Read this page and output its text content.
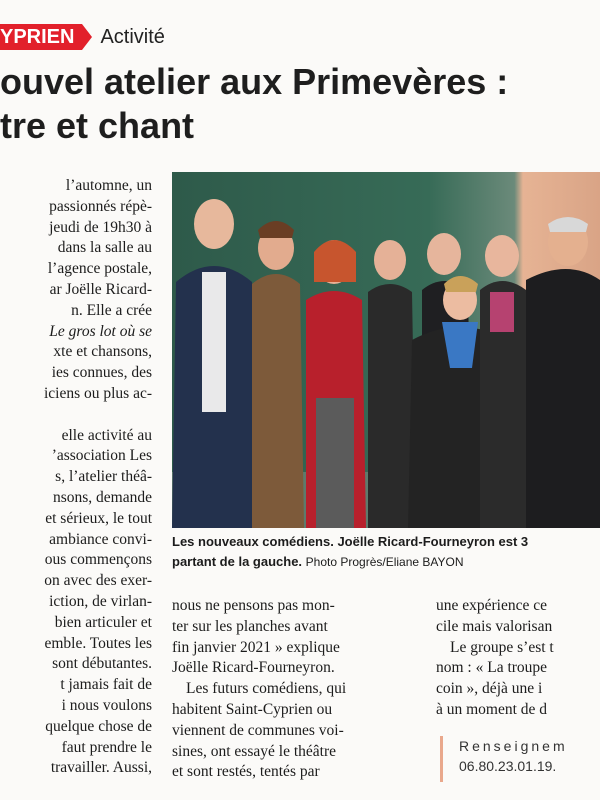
YPRIEN	Activité
ouvel atelier aux Primevères :
tre et chant
l’automne, un
passionnés répè-
jeudi de 19h30 à
dans la salle au
l’agence postale,
ar Joëlle Ricard-
n. Elle a crée
Le gros lot où se
xte et chansons,
ies connues, des
iciens ou plus ac-
elle activité au
’association Les
s, l’atelier théâ-
nsons, demande
et sérieux, le tout
ambiance convi-
ous commençons
on avec des exer-
iction, de virlan-
bien articuler et
emble. Toutes les
sont débutantes.
t jamais fait de
i nous voulons
quelque chose de
faut prendre le
travailler. Aussi,
Les nouveaux comédiens. Joëlle Ricard-Fourneyron est 3
partant de la gauche. Photo Progrès/Eliane BAYON
nous ne pensons pas mon-
ter sur les planches avant
fin janvier 2021 » explique
Joëlle Ricard-Fourneyron.
Les futurs comédiens, qui
habitent Saint-Cyprien ou
viennent de communes voi-
sines, ont essayé le théâtre
et sont restés, tentés par
une expérience ce
cile mais valorisan
Le groupe s’est t
nom : « La troupe
coin », déjà une i
à un moment de d
Renseignem
06.80.23.01.19.
